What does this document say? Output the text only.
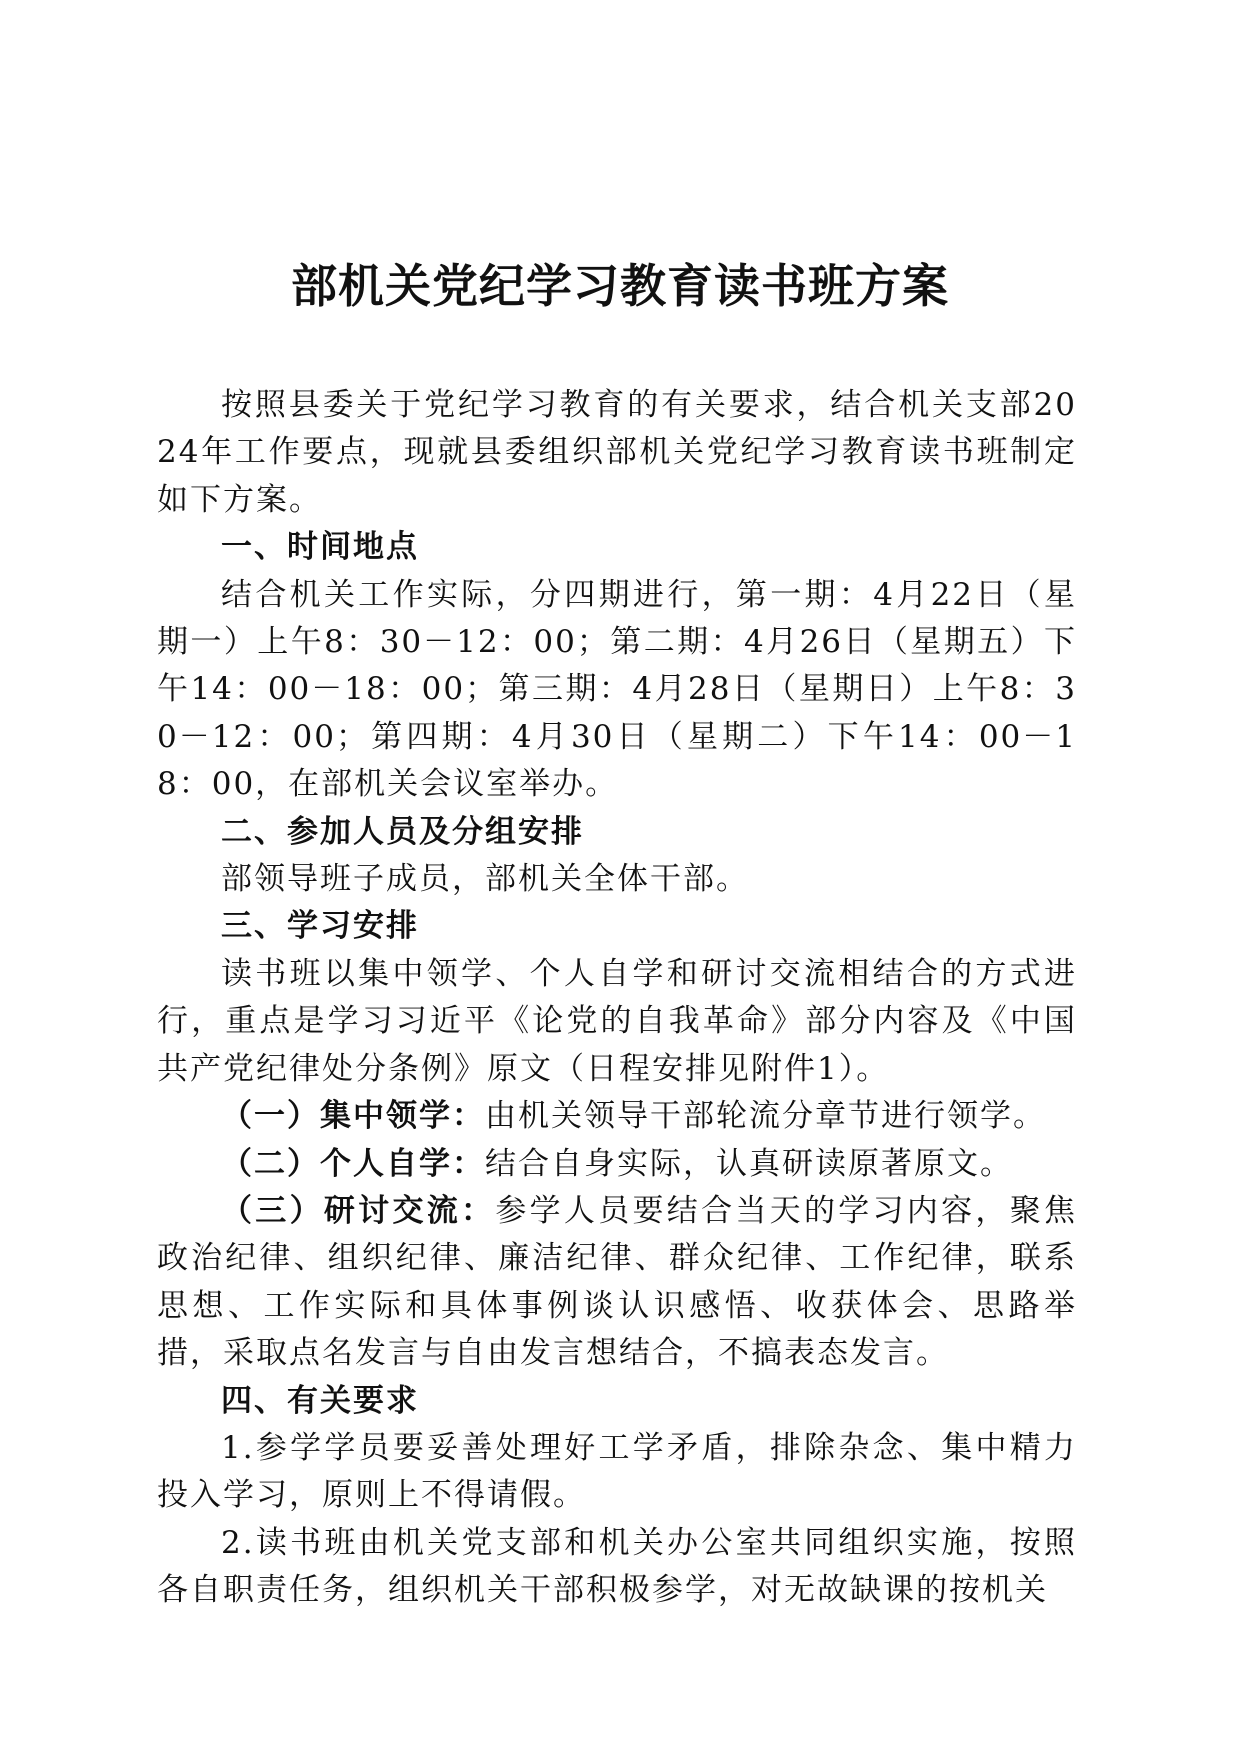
部机关党纪学习教育读书班方案

按照县委关于党纪学习教育的有关要求，结合机关支部2024年工作要点，现就县委组织部机关党纪学习教育读书班制定如下方案。

一、时间地点

结合机关工作实际，分四期进行，第一期：4月22日（星期一）上午8：30－12：00；第二期：4月26日（星期五）下午14：00－18：00；第三期：4月28日（星期日）上午8：30－12：00；第四期：4月30日（星期二）下午14：00－18：00，在部机关会议室举办。

二、参加人员及分组安排

部领导班子成员，部机关全体干部。

三、学习安排

读书班以集中领学、个人自学和研讨交流相结合的方式进行，重点是学习习近平《论党的自我革命》部分内容及《中国共产党纪律处分条例》原文（日程安排见附件1）。

（一）集中领学：由机关领导干部轮流分章节进行领学。

（二）个人自学：结合自身实际，认真研读原著原文。

（三）研讨交流：参学人员要结合当天的学习内容，聚焦政治纪律、组织纪律、廉洁纪律、群众纪律、工作纪律，联系思想、工作实际和具体事例谈认识感悟、收获体会、思路举措，采取点名发言与自由发言想结合，不搞表态发言。

四、有关要求

1.参学学员要妥善处理好工学矛盾，排除杂念、集中精力投入学习，原则上不得请假。

2.读书班由机关党支部和机关办公室共同组织实施，按照各自职责任务，组织机关干部积极参学，对无故缺课的按机关
